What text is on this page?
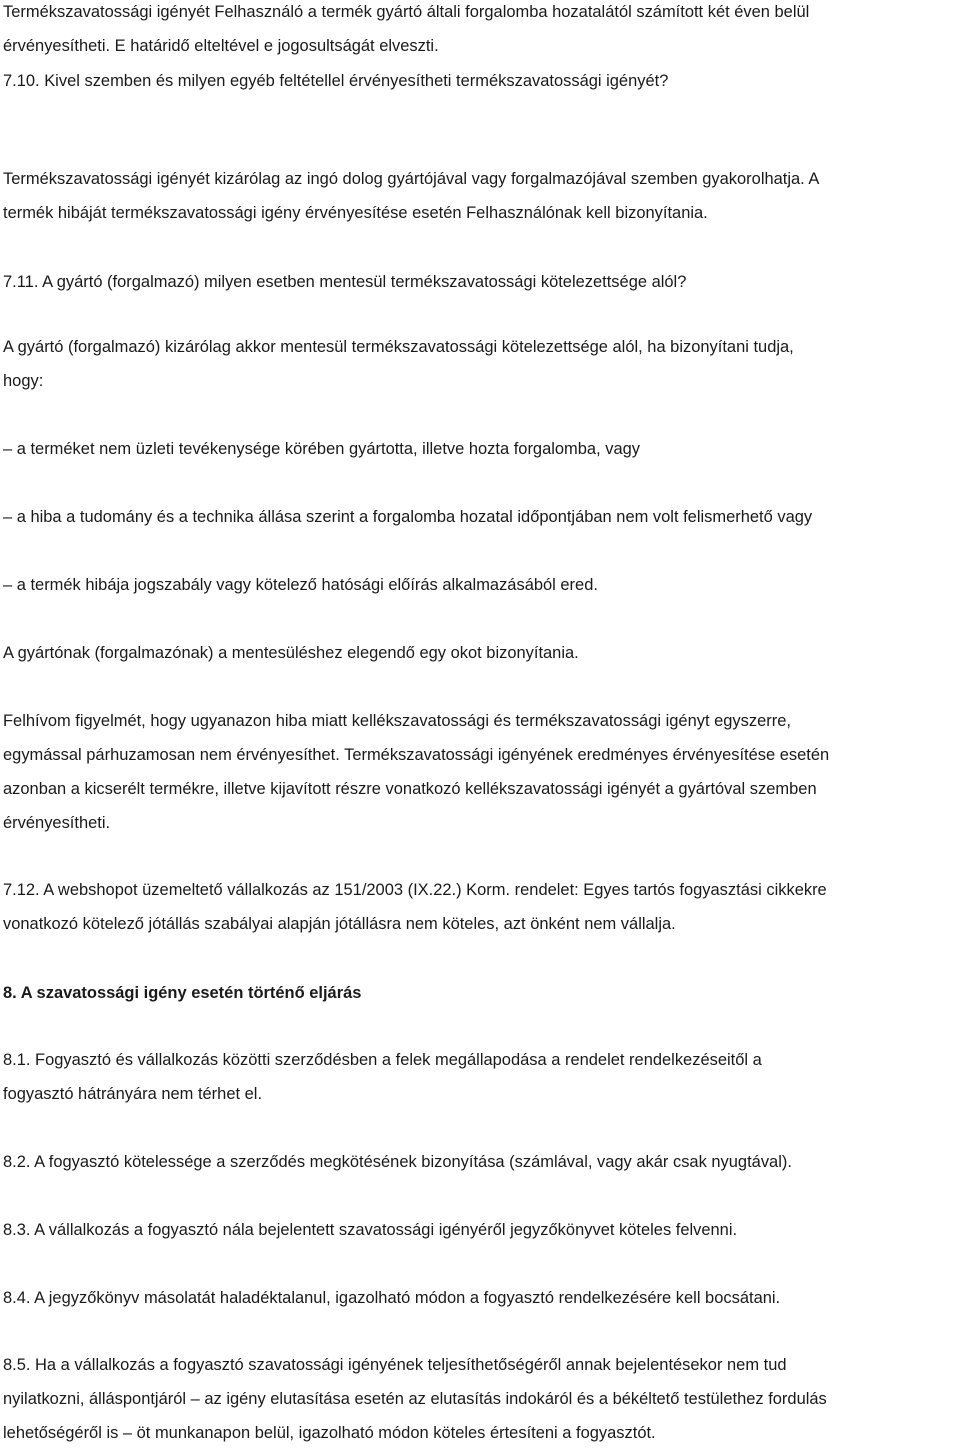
Termékszavatossági igényét Felhasználó a termék gyártó általi forgalomba hozatalától számított két éven belül
érvényesítheti. E határidő elteltével e jogosultságát elveszti.
7.10. Kivel szemben és milyen egyéb feltétellel érvényesítheti termékszavatossági igényét?
Termékszavatossági igényét kizárólag az ingó dolog gyártójával vagy forgalmazójával szemben gyakorolhatja. A
termék hibáját termékszavatossági igény érvényesítése esetén Felhasználónak kell bizonyítania.
7.11. A gyártó (forgalmazó) milyen esetben mentesül termékszavatossági kötelezettsége alól?
A gyártó (forgalmazó) kizárólag akkor mentesül termékszavatossági kötelezettsége alól, ha bizonyítani tudja,
hogy:
– a terméket nem üzleti tevékenysége körében gyártotta, illetve hozta forgalomba, vagy
– a hiba a tudomány és a technika állása szerint a forgalomba hozatal időpontjában nem volt felismerhető vagy
– a termék hibája jogszabály vagy kötelező hatósági előírás alkalmazásából ered.
A gyártónak (forgalmazónak) a mentesüléshez elegendő egy okot bizonyítania.
Felhívom figyelmét, hogy ugyanazon hiba miatt kellékszavatossági és termékszavatossági igényt egyszerre,
egymással párhuzamosan nem érvényesíthet. Termékszavatossági igényének eredményes érvényesítése esetén
azonban a kicserélt termékre, illetve kijavított részre vonatkozó kellékszavatossági igényét a gyártóval szemben
érvényesítheti.
7.12. A webshopot üzemeltető vállalkozás az 151/2003 (IX.22.) Korm. rendelet: Egyes tartós fogyasztási cikkekre
vonatkozó kötelező jótállás szabályai alapján jótállásra nem köteles, azt önként nem vállalja.
8. A szavatossági igény esetén történő eljárás
8.1. Fogyasztó és vállalkozás közötti szerződésben a felek megállapodása a rendelet rendelkezéseitől a
fogyasztó hátrányára nem térhet el.
8.2. A fogyasztó kötelessége a szerződés megkötésének bizonyítása (számlával, vagy akár csak nyugtával).
8.3. A vállalkozás a fogyasztó nála bejelentett szavatossági igényéről jegyzőkönyvet köteles felvenni.
8.4. A jegyzőkönyv másolatát haladéktalanul, igazolható módon a fogyasztó rendelkezésére kell bocsátani.
8.5. Ha a vállalkozás a fogyasztó szavatossági igényének teljesíthetőségéről annak bejelentésekor nem tud
nyilatkozni, álláspontjáról – az igény elutasítása esetén az elutasítás indokáról és a békéltető testülethez fordulás
lehetőségéről is – öt munkanapon belül, igazolható módon köteles értesíteni a fogyasztót.
